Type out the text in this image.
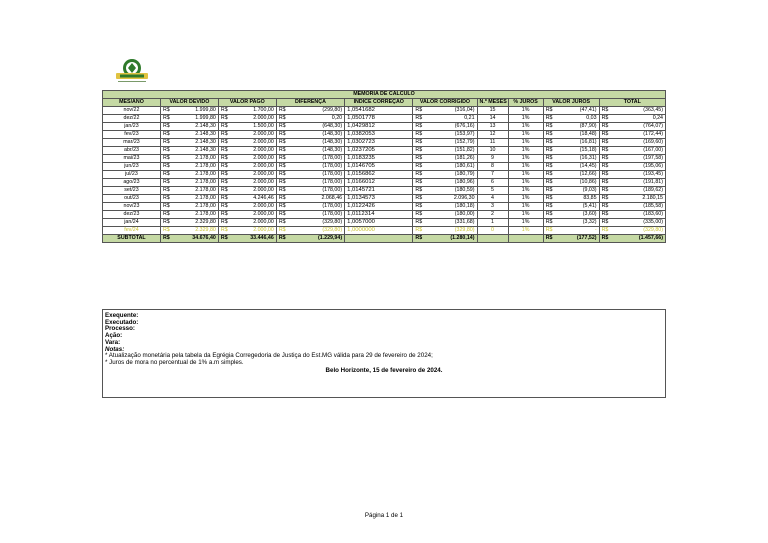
MEMÓRIA DE CÁLCULO															
MÊS/ANO	VALOR DEVIDO		VALOR PAGO		DIFERENÇA		ÍNDICE CORREÇÃO	VALOR CORRIGIDO		N.º MESES	% JUROS	VALOR JUROS		TOTAL	
nov/22	R$	1.999,80	R$	1.700,00	R$	(299,80)	1,0541682	R$	(316,04)	15	1%	R$	(47,41)	R$	(363,45)
dez/22	R$	1.999,80	R$	2.000,00	R$	0,20	1,0501778	R$	0,21	14	1%	R$	0,03	R$	0,24
jan/23	R$	2.148,30	R$	1.500,00	R$	(648,30)	1,0429812	R$	(676,16)	13	1%	R$	(87,90)	R$	(764,07)
fev/23	R$	2.148,30	R$	2.000,00	R$	(148,30)	1,0382053	R$	(153,97)	12	1%	R$	(18,48)	R$	(172,44)
mar/23	R$	2.148,30	R$	2.000,00	R$	(148,30)	1,0302723	R$	(152,79)	11	1%	R$	(16,81)	R$	(169,60)
abr/23	R$	2.148,30	R$	2.000,00	R$	(148,30)	1,0237205	R$	(151,82)	10	1%	R$	(15,18)	R$	(167,00)
mai/23	R$	2.178,00	R$	2.000,00	R$	(178,00)	1,0183235	R$	(181,26)	9	1%	R$	(16,31)	R$	(197,58)
jun/23	R$	2.178,00	R$	2.000,00	R$	(178,00)	1,0146705	R$	(180,61)	8	1%	R$	(14,45)	R$	(195,06)
jul/23	R$	2.178,00	R$	2.000,00	R$	(178,00)	1,0156862	R$	(180,79)	7	1%	R$	(12,66)	R$	(193,45)
ago/23	R$	2.178,00	R$	2.000,00	R$	(178,00)	1,0166012	R$	(180,96)	6	1%	R$	(10,86)	R$	(191,81)
set/23	R$	2.178,00	R$	2.000,00	R$	(178,00)	1,0145721	R$	(180,59)	5	1%	R$	(9,03)	R$	(189,62)
out/23	R$	2.178,00	R$	4.246,46	R$	2.068,46	1,0134573	R$	2.096,30	4	1%	R$	83,85	R$	2.180,15
nov/23	R$	2.178,00	R$	2.000,00	R$	(178,00)	1,0122426	R$	(180,18)	3	1%	R$	(5,41)	R$	(185,58)
dez/23	R$	2.178,00	R$	2.000,00	R$	(178,00)	1,0112314	R$	(180,00)	2	1%	R$	(3,60)	R$	(183,60)
jan/24	R$	2.329,80	R$	2.000,00	R$	(329,80)	1,0057000	R$	(331,68)	1	1%	R$	(3,32)	R$	(335,00)
fev/24	R$	2.329,80	R$	2.000,00	R$	(329,80)	1,0000000	R$	(329,80)	0	1%	R$	-	R$	(329,80)
SUBTOTAL	R$	34.676,40	R$	33.446,46	R$	(1.229,94)		R$	(1.280,14)			R$	(177,52)	R$	(1.457,66)
Exequente:
Executado:
Processo:
Ação:
Vara:
Notas:
* Atualização monetária pela tabela da Egrégia Corregedoria de Justiça do Est.MG válida para 29 de fevereiro de 2024;
* Juros de mora no percentual de 1% a.m simples.
Belo Horizonte, 15 de fevereiro de 2024.
Página 1 de 1
